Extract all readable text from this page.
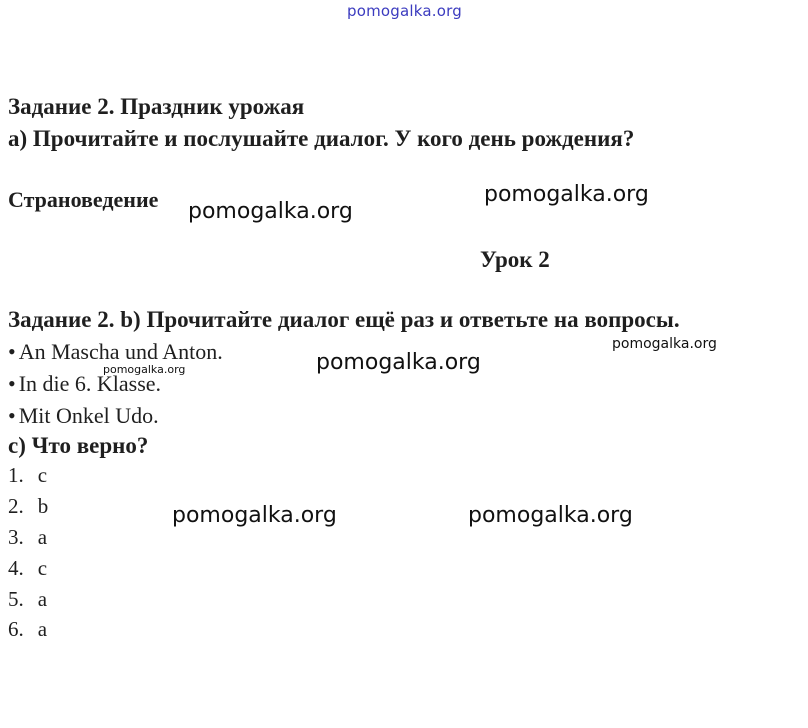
pomogalka.org
Задание 2. Праздник урожая
а) Прочитайте и послушайте диалог. У кого день рождения?
Страноведение
Урок 2
Задание 2. b) Прочитайте диалог ещё раз и ответьте на вопросы.
• An Mascha und Anton.
• In die 6. Klasse.
• Mit Onkel Udo.
с) Что верно?
1. c
2. b
3. a
4. c
5. a
6. a
pomogalka.org
pomogalka.org
pomogalka.org
pomogalka.org
pomogalka.org
pomogalka.org	pomogalka.org
